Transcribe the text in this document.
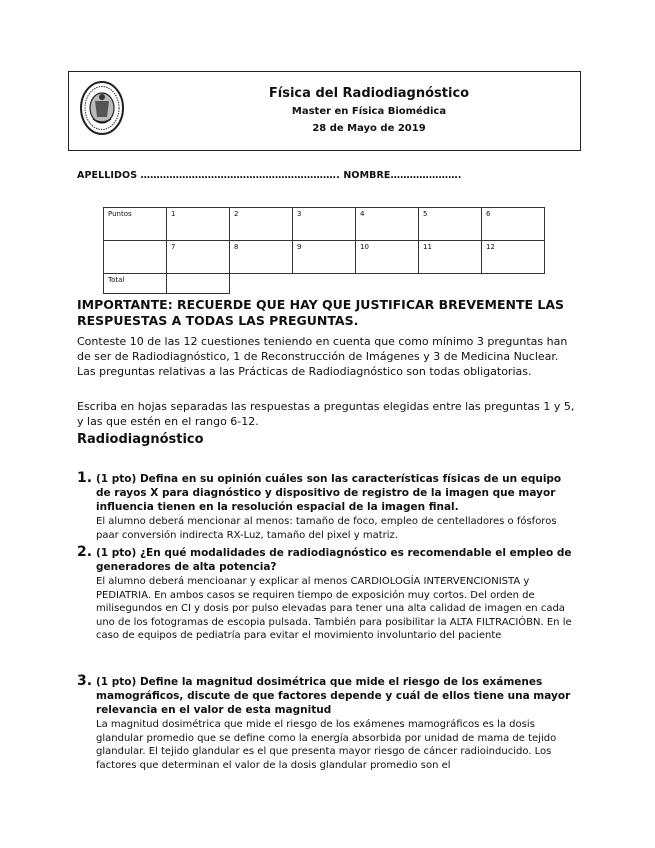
Física del Radiodiagnóstico
Master en Física Biomédica
28 de Mayo de 2019
APELLIDOS …………………………………………………….. NOMBRE………………….
Puntos	1	2	3	4	5	6
	7	8	9	10	11	12
Total						
IMPORTANTE: RECUERDE QUE HAY QUE JUSTIFICAR BREVEMENTE LAS RESPUESTAS A TODAS LAS PREGUNTAS.
Conteste 10 de las 12 cuestiones teniendo en cuenta que como mínimo 3 preguntas han de ser de Radiodiagnóstico, 1 de Reconstrucción de Imágenes y 3 de Medicina Nuclear. Las preguntas relativas a las Prácticas de Radiodiagnóstico son todas obligatorias.
Escriba en hojas separadas las respuestas a preguntas elegidas entre las preguntas 1 y 5, y las que estén en el rango 6-12.
Radiodiagnóstico
1. (1 pto) Defina en su opinión cuáles son las características físicas de un equipo de rayos X para diagnóstico y dispositivo de registro de la imagen que mayor influencia tienen en la resolución espacial de la imagen final.
El alumno deberá mencionar al menos: tamaño de foco, empleo de centelladores o fósforos paar conversión indirecta RX-Luz, tamaño del pixel y matriz.
2. (1 pto) ¿En qué modalidades de radiodiagnóstico es recomendable el empleo de generadores de alta potencia?
El alumno deberá mencioanar y explicar al menos CARDIOLOGÍA INTERVENCIONISTA y PEDIATRIA. En ambos casos se requiren tiempo de exposición muy cortos. Del orden de milisegundos en CI y dosis por pulso elevadas para tener una alta calidad de imagen en cada uno de los fotogramas de escopia pulsada. También para posibilitar la ALTA FILTRACIÓBN. En le caso de equipos de pediatría para evitar el movimiento involuntario del paciente
3. (1 pto) Define la magnitud dosimétrica que mide el riesgo de los exámenes mamográficos, discute de que factores depende y cuál de ellos tiene una mayor relevancia en el valor de esta magnitud
La magnitud dosimétrica que mide el riesgo de los exámenes mamográficos es la dosis glandular promedio que se define como la energía absorbida por unidad de mama de tejido glandular. El tejido glandular es el que presenta mayor riesgo de cáncer radioinducido. Los factores que determinan el valor de la dosis glandular promedio son el
